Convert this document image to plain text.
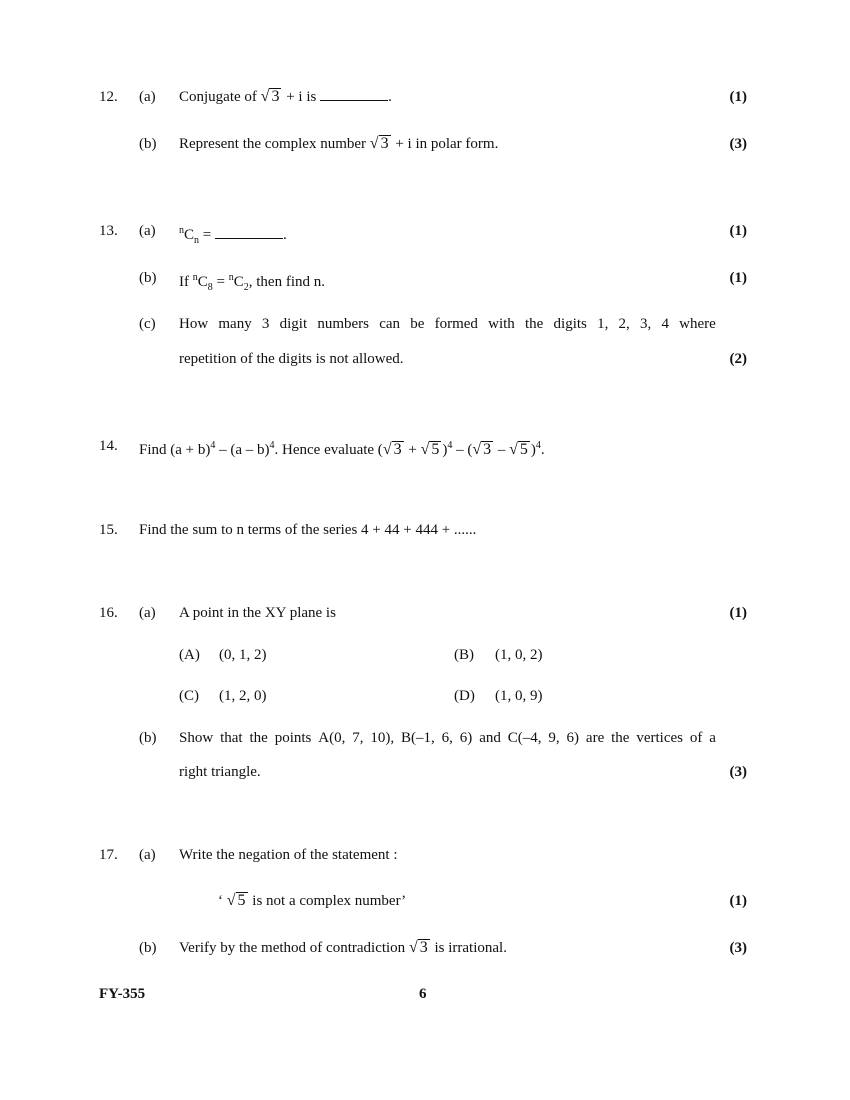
12. (a) Conjugate of √ 3 + i is	.	(1)
(b) Represent the complex number √ 3 + i in polar form.	(3)
13. (a) $^nC_n$ =	.	(1)
(b) If $^nC_8 = ^nC_2$, then find n.	(1)
(c) How many 3 digit numbers can be formed with the digits 1, 2, 3, 4 where
repetition of the digits is not allowed.	(2)
14. Find $(a + b)^4 - (a - b)^4$. Hence evaluate (√ 3 + √ 5 )$^4$ – (√ 3 – √ 5 )$^4$.
15. Find the sum to n terms of the series 4 + 44 + 444 + ......
16. (a) A point in the XY plane is	(1)
(A) (0, 1, 2)	(B) (1, 0, 2)
(C) (1, 2, 0)	(D) (1, 0, 9)
(b) Show that the points A(0, 7, 10), B(–1, 6, 6) and C(–4, 9, 6) are the vertices of a
right triangle.	(3)
17. (a) Write the negation of the statement :
‘ √ 5 is not a complex number’	(1)
(b) Verify by the method of contradiction √ 3 is irrational.	(3)
FY-355	6
